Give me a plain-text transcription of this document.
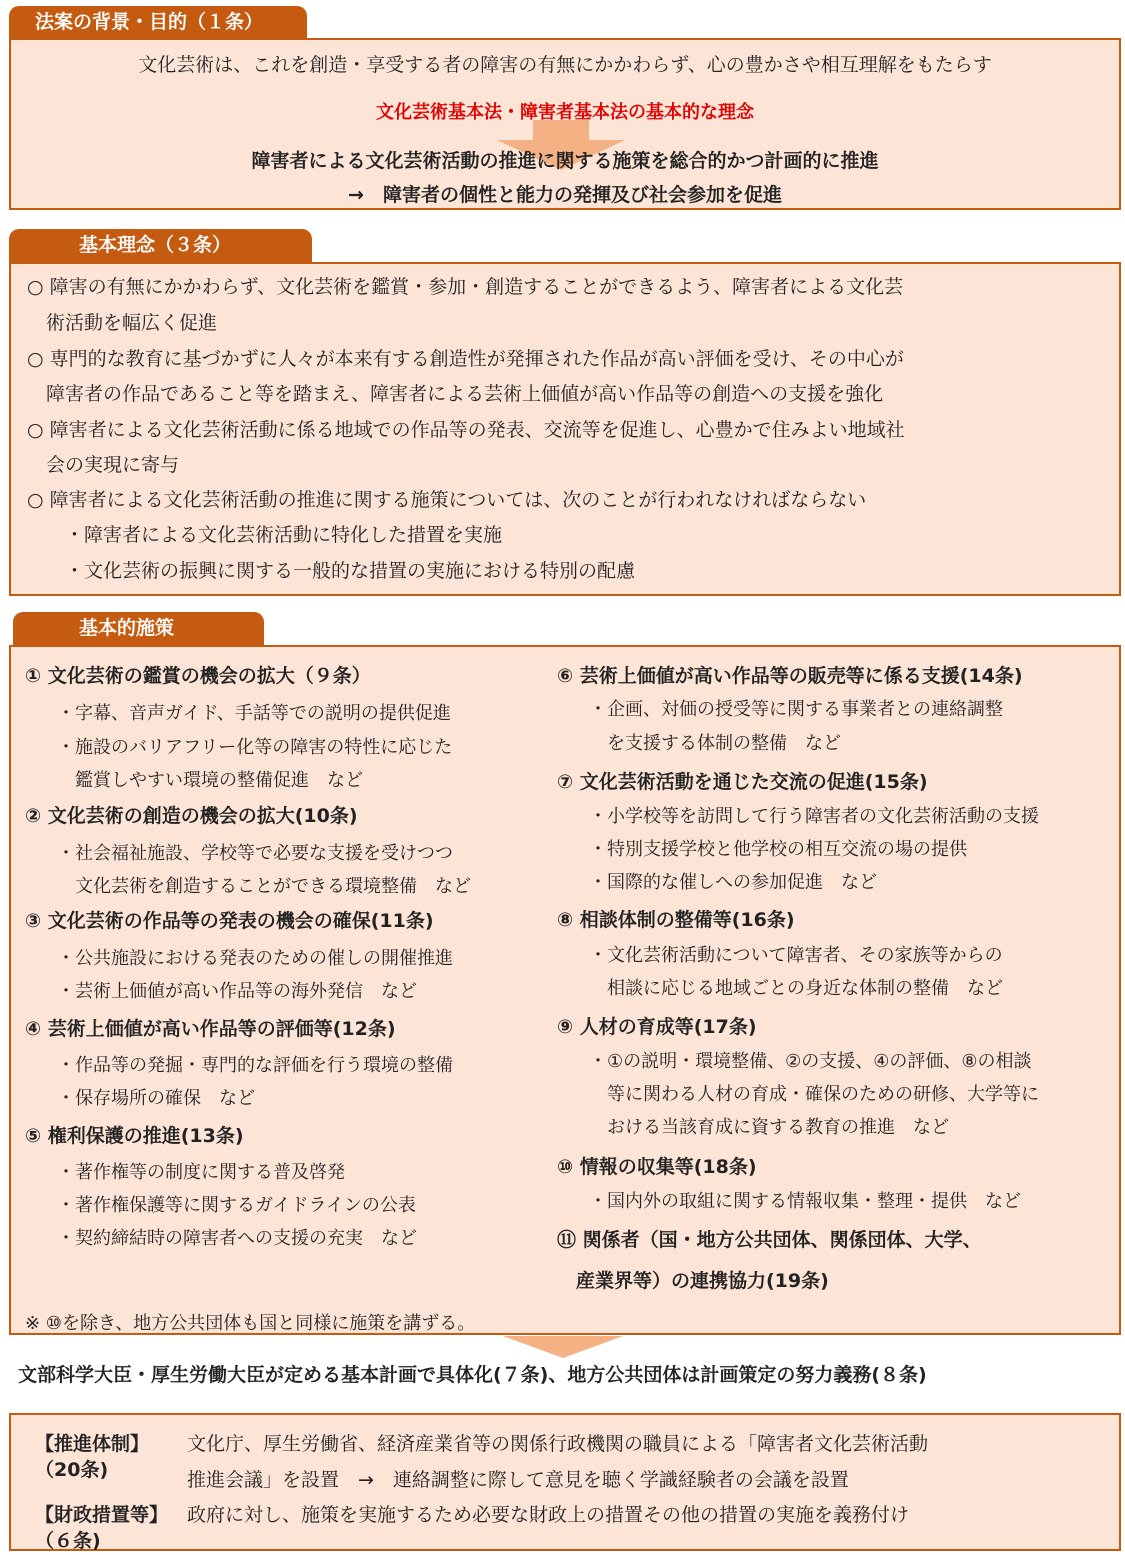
法案の背景・目的（１条）
文化芸術は、これを創造・享受する者の障害の有無にかかわらず、心の豊かさや相互理解をもたらす
文化芸術基本法・障害者基本法の基本的な理念
障害者による文化芸術活動の推進に関する施策を総合的かつ計画的に推進
→　障害者の個性と能力の発揮及び社会参加を促進
基本理念（３条）
○ 障害の有無にかかわらず、文化芸術を鑑賞・参加・創造することができるよう、障害者による文化芸
　術活動を幅広く促進
○ 専門的な教育に基づかずに人々が本来有する創造性が発揮された作品が高い評価を受け、その中心が
　障害者の作品であること等を踏まえ、障害者による芸術上価値が高い作品等の創造への支援を強化
○ 障害者による文化芸術活動に係る地域での作品等の発表、交流等を促進し、心豊かで住みよい地域社
　会の実現に寄与
○ 障害者による文化芸術活動の推進に関する施策については、次のことが行われなければならない
　　・障害者による文化芸術活動に特化した措置を実施
　　・文化芸術の振興に関する一般的な措置の実施における特別の配慮
基本的施策
① 文化芸術の鑑賞の機会の拡大（９条）
・字幕、音声ガイド、手話等での説明の提供促進
・施設のバリアフリー化等の障害の特性に応じた
　鑑賞しやすい環境の整備促進　など
② 文化芸術の創造の機会の拡大(10条)
・社会福祉施設、学校等で必要な支援を受けつつ
　文化芸術を創造することができる環境整備　など
③ 文化芸術の作品等の発表の機会の確保(11条)
・公共施設における発表のための催しの開催推進
・芸術上価値が高い作品等の海外発信　など
④ 芸術上価値が高い作品等の評価等(12条)
・作品等の発掘・専門的な評価を行う環境の整備
・保存場所の確保　など
⑤ 権利保護の推進(13条)
・著作権等の制度に関する普及啓発
・著作権保護等に関するガイドラインの公表
・契約締結時の障害者への支援の充実　など
⑥ 芸術上価値が高い作品等の販売等に係る支援(14条)
・企画、対価の授受等に関する事業者との連絡調整
　を支援する体制の整備　など
⑦ 文化芸術活動を通じた交流の促進(15条)
・小学校等を訪問して行う障害者の文化芸術活動の支援
・特別支援学校と他学校の相互交流の場の提供
・国際的な催しへの参加促進　など
⑧ 相談体制の整備等(16条)
・文化芸術活動について障害者、その家族等からの
　相談に応じる地域ごとの身近な体制の整備　など
⑨ 人材の育成等(17条)
・①の説明・環境整備、②の支援、④の評価、⑧の相談
　等に関わる人材の育成・確保のための研修、大学等に
　おける当該育成に資する教育の推進　など
⑩ 情報の収集等(18条)
・国内外の取組に関する情報収集・整理・提供　など
⑪ 関係者（国・地方公共団体、関係団体、大学、
　産業界等）の連携協力(19条)
※ ⑩を除き、地方公共団体も国と同様に施策を講ずる。
文部科学大臣・厚生労働大臣が定める基本計画で具体化(７条)、地方公共団体は計画策定の努力義務(８条)
【推進体制】
（20条)
文化庁、厚生労働省、経済産業省等の関係行政機関の職員による「障害者文化芸術活動
推進会議」を設置　→　連絡調整に際して意見を聴く学識経験者の会議を設置
【財政措置等】
（６条)
政府に対し、施策を実施するため必要な財政上の措置その他の措置の実施を義務付け
